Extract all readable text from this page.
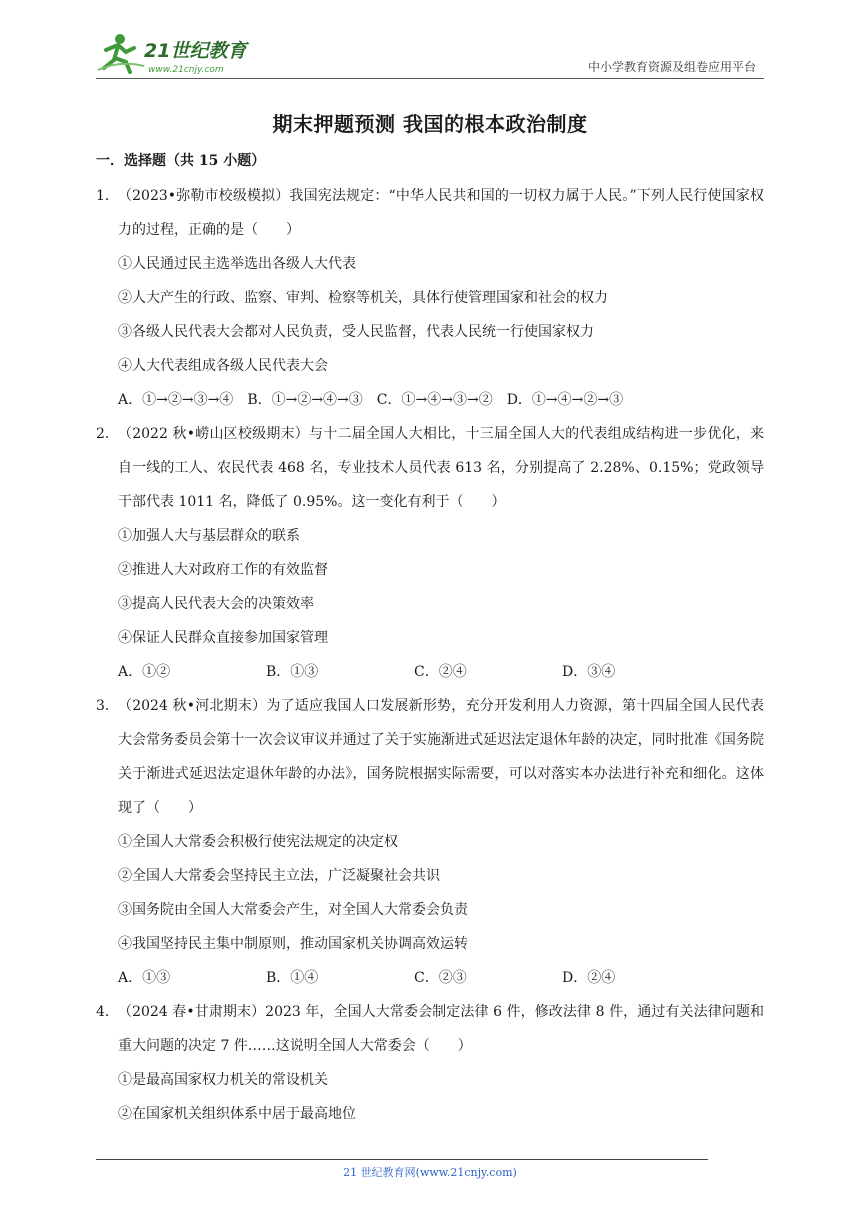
21世纪教育
www.21cnjy.com	中小学教育资源及组卷应用平台
期末押题预测 我国的根本政治制度
一．选择题（共 15 小题）
1． （2023•弥勒市校级模拟）我国宪法规定：“中华人民共和国的一切权力属于人民。”下列人民行使国家权力的过程，正确的是（　　）
①人民通过民主选举选出各级人大代表
②人大产生的行政、监察、审判、检察等机关，具体行使管理国家和社会的权力
③各级人民代表大会都对人民负责，受人民监督，代表人民统一行使国家权力
④人大代表组成各级人民代表大会
A．①→②→③→④ B．①→②→④→③ C．①→④→③→② D．①→④→②→③
2． （2022 秋•崂山区校级期末）与十二届全国人大相比，十三届全国人大的代表组成结构进一步优化，来自一线的工人、农民代表 468 名，专业技术人员代表 613 名，分别提高了 2.28%、0.15%；党政领导干部代表 1011 名，降低了 0.95%。这一变化有利于（　　）
①加强人大与基层群众的联系
②推进人大对政府工作的有效监督
③提高人民代表大会的决策效率
④保证人民群众直接参加国家管理
A．①②	B．①③	C．②④	D．③④
3． （2024 秋•河北期末）为了适应我国人口发展新形势，充分开发利用人力资源，第十四届全国人民代表大会常务委员会第十一次会议审议并通过了关于实施渐进式延迟法定退休年龄的决定，同时批准《国务院关于渐进式延迟法定退休年龄的办法》，国务院根据实际需要，可以对落实本办法进行补充和细化。这体现了（　　）
①全国人大常委会积极行使宪法规定的决定权
②全国人大常委会坚持民主立法，广泛凝聚社会共识
③国务院由全国人大常委会产生，对全国人大常委会负责
④我国坚持民主集中制原则，推动国家机关协调高效运转
A．①③	B．①④	C．②③	D．②④
4． （2024 春•甘肃期末）2023 年，全国人大常委会制定法律 6 件，修改法律 8 件，通过有关法律问题和重大问题的决定 7 件……这说明全国人大常委会（　　）
①是最高国家权力机关的常设机关
②在国家机关组织体系中居于最高地位
21 世纪教育网(www.21cnjy.com)
